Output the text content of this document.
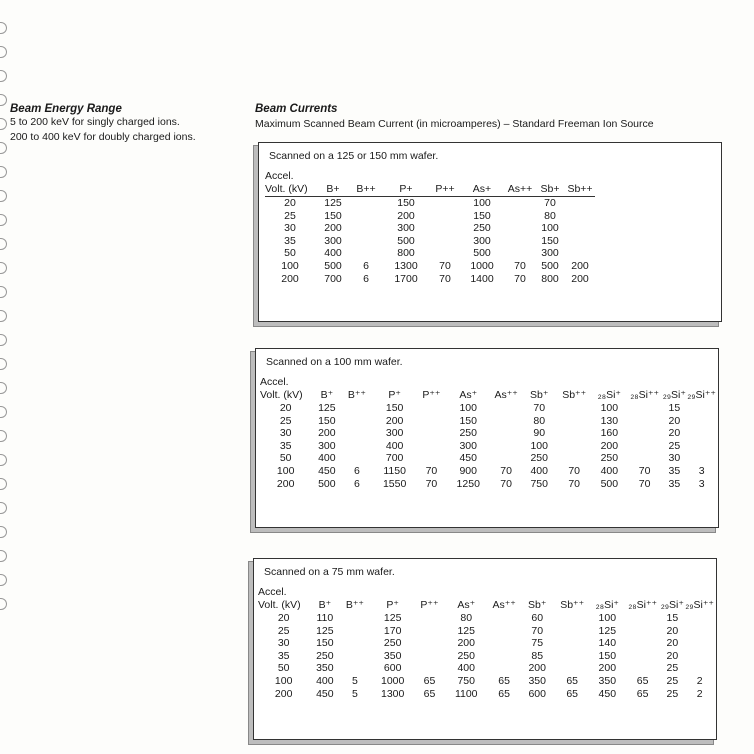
Beam Energy Range
5 to 200 keV for singly charged ions.
200 to 400 keV for doubly charged ions.
Beam Currents
Maximum Scanned Beam Current (in microamperes) – Standard Freeman Ion Source
Scanned on a 125 or 150 mm wafer.
Accel.								
Volt. (kV)	B+	B++	P+	P++	As+	As++	Sb+	Sb++
20	125		150		100		70	
25	150		200		150		80	
30	200		300		250		100	
35	300		500		300		150	
50	400		800		500		300	
100	500	6	1300	70	1000	70	500	200
200	700	6	1700	70	1400	70	800	200
Scanned on a 100 mm wafer.
Accel.												
Volt. (kV)	B⁺	B⁺⁺	P⁺	P⁺⁺	As⁺	As⁺⁺	Sb⁺	Sb⁺⁺	₂₈Si⁺	₂₈Si⁺⁺	₂₉Si⁺	₂₉Si⁺⁺
20	125		150		100		70		100		15	
25	150		200		150		80		130		20	
30	200		300		250		90		160		20	
35	300		400		300		100		200		25	
50	400		700		450		250		250		30	
100	450	6	1150	70	900	70	400	70	400	70	35	3
200	500	6	1550	70	1250	70	750	70	500	70	35	3
Scanned on a 75 mm wafer.
Accel.												
Volt. (kV)	B⁺	B⁺⁺	P⁺	P⁺⁺	As⁺	As⁺⁺	Sb⁺	Sb⁺⁺	₂₈Si⁺	₂₈Si⁺⁺	₂₉Si⁺	₂₉Si⁺⁺
20	110		125		80		60		100		15	
25	125		170		125		70		125		20	
30	150		250		200		75		140		20	
35	250		350		250		85		150		20	
50	350		600		400		200		200		25	
100	400	5	1000	65	750	65	350	65	350	65	25	2
200	450	5	1300	65	1100	65	600	65	450	65	25	2
